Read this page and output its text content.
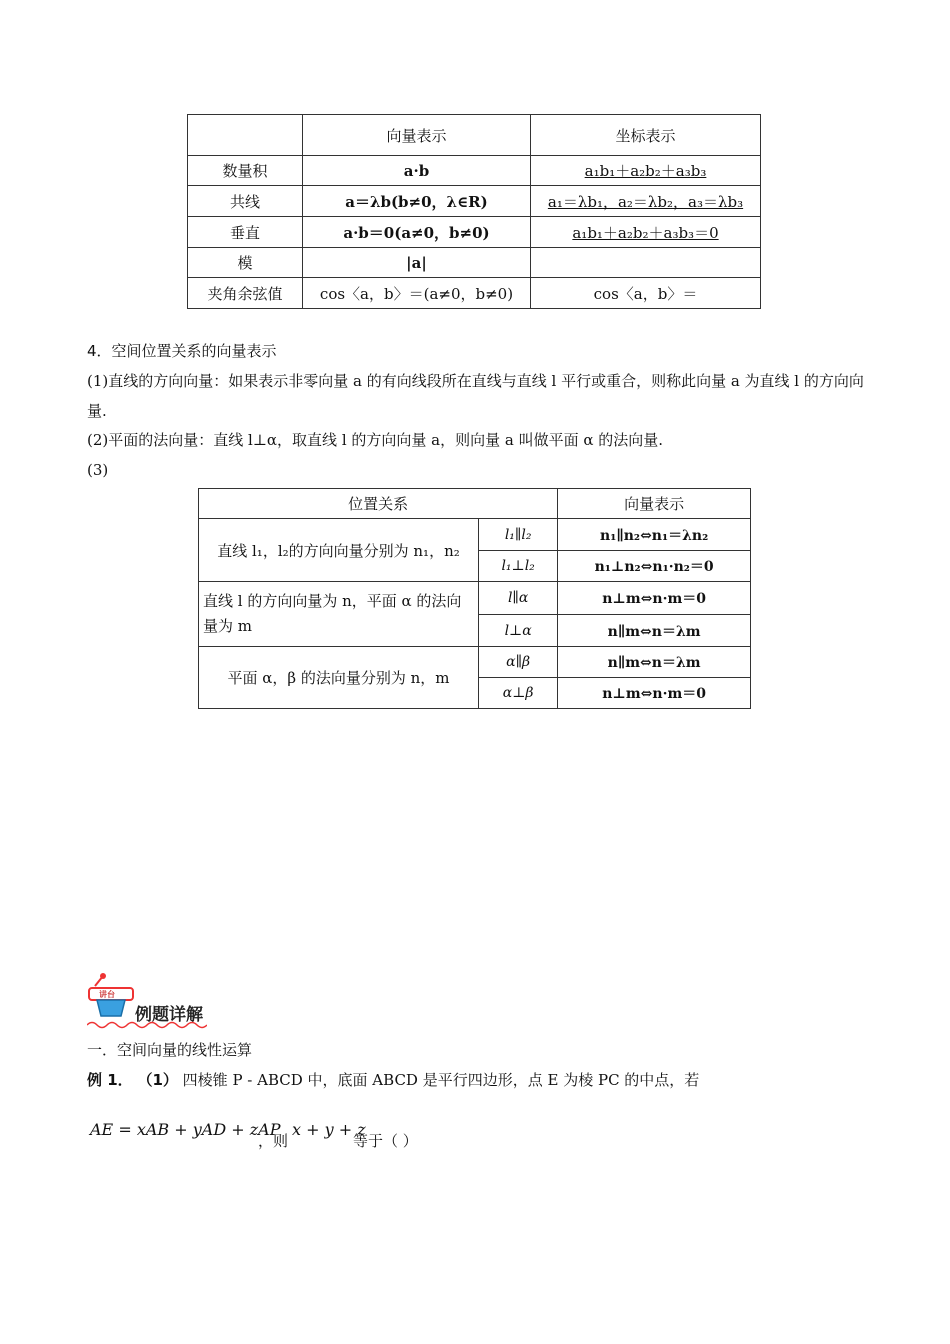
	向量表示	坐标表示
数量积	a·b	a₁b₁＋a₂b₂＋a₃b₃
共线	a＝λb(b≠0，λ∈R)	a₁＝λb₁，a₂＝λb₂，a₃＝λb₃
垂直	a·b＝0(a≠0，b≠0)	a₁b₁＋a₂b₂＋a₃b₃＝0
模	|a|	
夹角余弦值	cos〈a，b〉＝(a≠0，b≠0)	cos〈a，b〉＝
4．空间位置关系的向量表示
(1)直线的方向向量：如果表示非零向量 a 的有向线段所在直线与直线 l 平行或重合，则称此向量 a 为直线 l 的方向向量.
(2)平面的法向量：直线 l⊥α，取直线 l 的方向向量 a，则向量 a 叫做平面 α 的法向量.
(3)
位置关系		向量表示
直线 l₁，l₂的方向向量分别为 n₁，n₂	l₁∥l₂	n₁∥n₂⇔n₁＝λn₂
	l₁⊥l₂	n₁⊥n₂⇔n₁·n₂＝0
直线 l 的方向向量为 n，平面 α 的法向量为 m	l∥α	n⊥m⇔n·m＝0
	l⊥α	n∥m⇔n＝λm
平面 α，β 的法向量分别为 n，m	α∥β	n∥m⇔n＝λm
	α⊥β	n⊥m⇔n·m＝0
讲台
例题详解
一．空间向量的线性运算
例 1． （1） 四棱锥 P - ABCD 中，底面 ABCD 是平行四边形，点 E 为棱 PC 的中点，若
AE = xAB + yAD + zAP
，则
x + y + z
等于（ ）
